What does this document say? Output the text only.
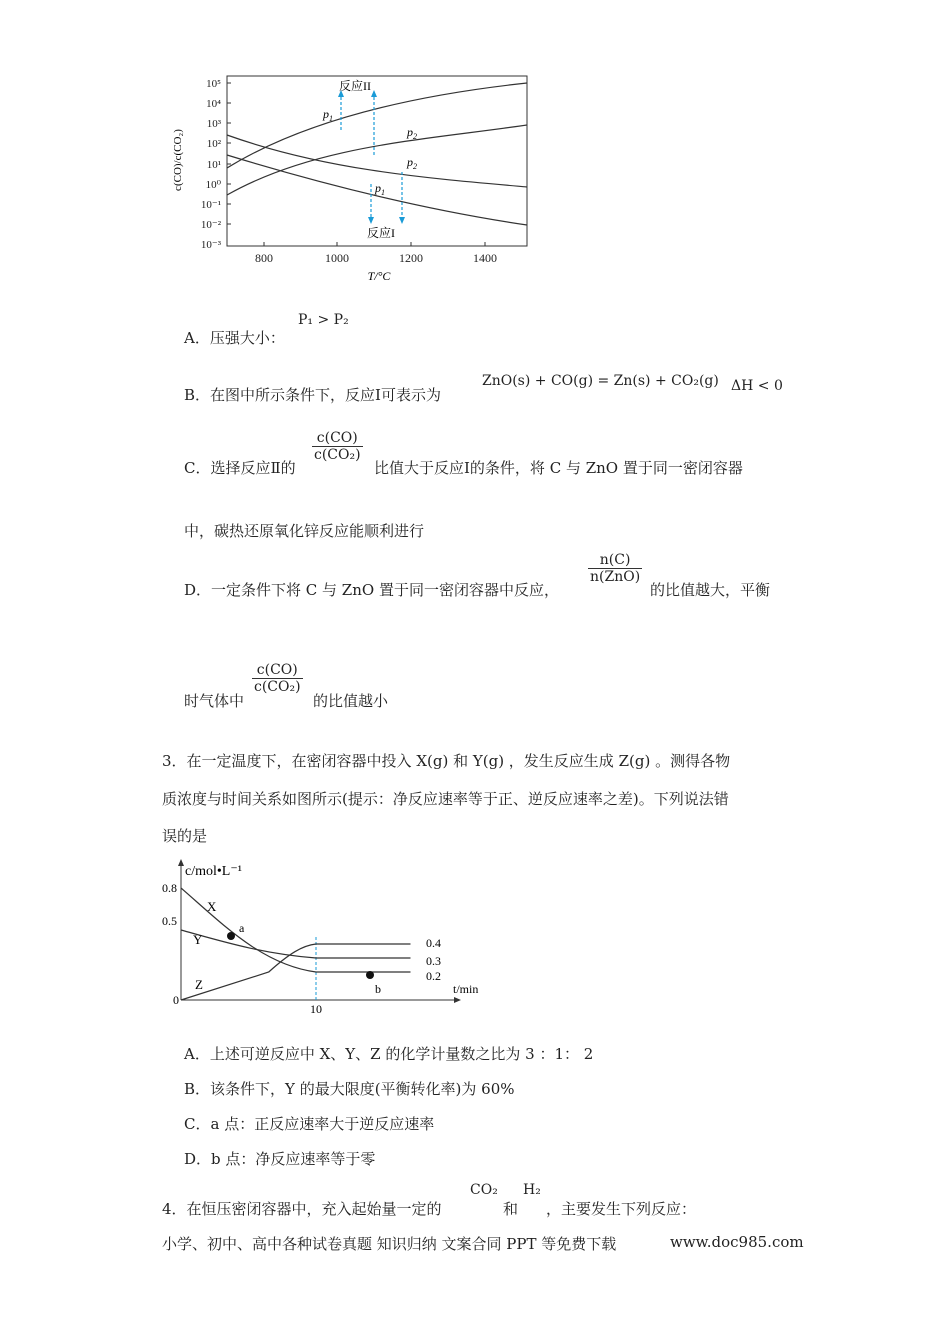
10⁵
10⁴
10³
10²
10¹
10⁰
10⁻¹
10⁻²
10⁻³
800	1000	1200	1400
T/°C
c(CO)/c(CO₂)
反应II
反应I
$p_1$
$p_2$
$p_2$
$p_1$
A．压强大小：
P₁ > P₂
B．在图中所示条件下，反应Ⅰ可表示为
ZnO(s) + CO(g) = Zn(s) + CO₂(g) ΔH < 0
C．选择反应Ⅱ的
c(CO)
c(CO₂)
比值大于反应Ⅰ的条件，将 C 与 ZnO 置于同一密闭容器
中，碳热还原氧化锌反应能顺利进行
D．一定条件下将 C 与 ZnO 置于同一密闭容器中反应，
n(C)
n(ZnO)
的比值越大，平衡
时气体中
c(CO)
c(CO₂)
的比值越小
3．在一定温度下，在密闭容器中投入 X(g) 和 Y(g) ，发生反应生成 Z(g) 。测得各物
质浓度与时间关系如图所示(提示：净反应速率等于正、逆反应速率之差)。下列说法错
误的是
c/mol•L⁻¹
t/min
0.8
0.5
0
10
X
Y
Z
a
b
0.4
0.3
0.2
A．上述可逆反应中 X、Y、Z 的化学计量数之比为 3 ：1： 2
B．该条件下，Y 的最大限度(平衡转化率)为 60%
C．a 点：正反应速率大于逆反应速率
D．b 点：净反应速率等于零
4．在恒压密闭容器中，充入起始量一定的
CO₂
和
H₂
，主要发生下列反应：
小学、初中、高中各种试卷真题 知识归纳 文案合同 PPT 等免费下载	www.doc985.com
